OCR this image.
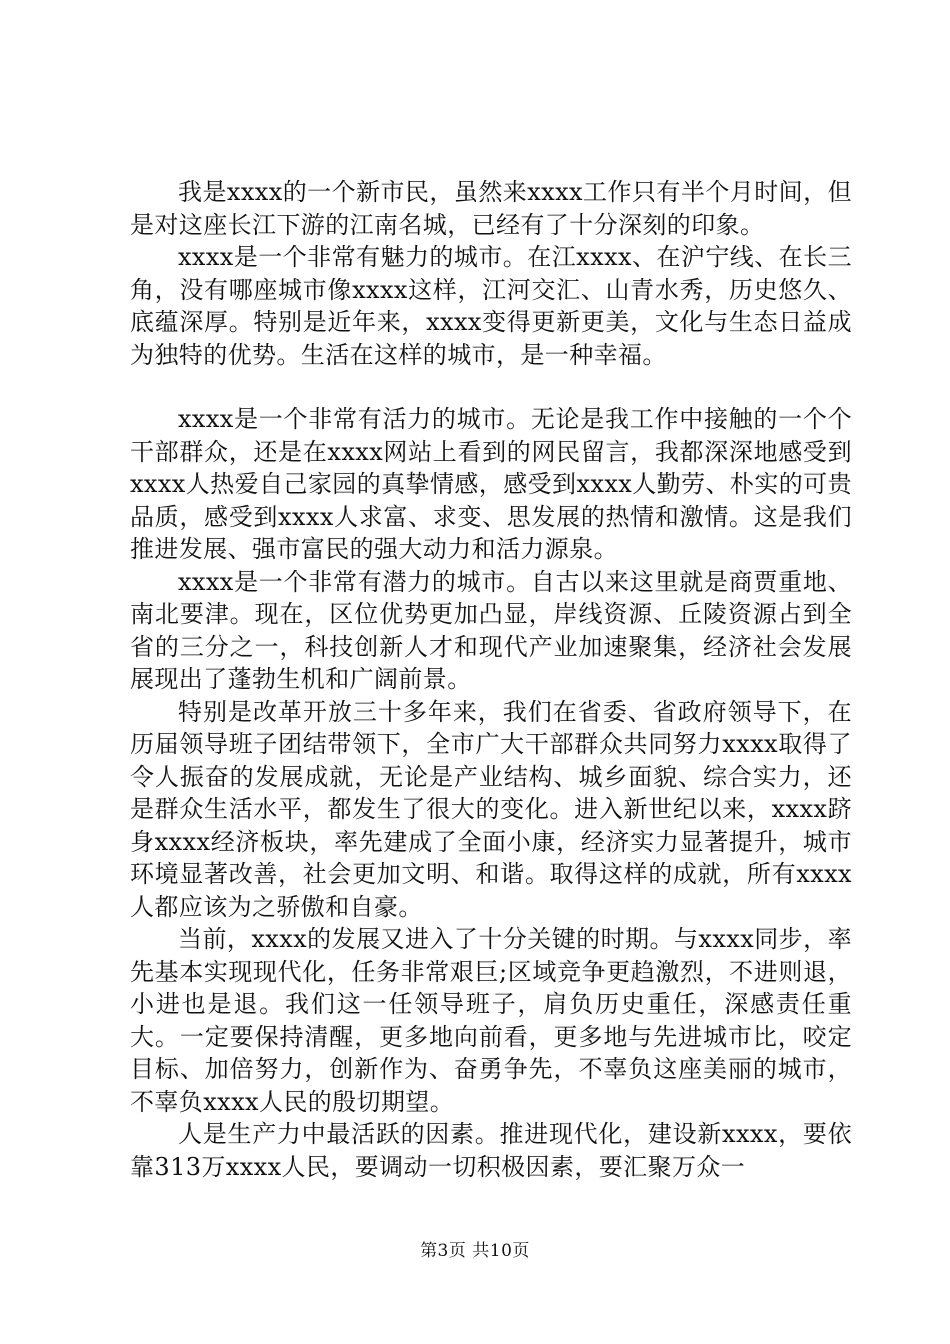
我是xxxx的一个新市民，虽然来xxxx工作只有半个月时间，但是对这座长江下游的江南名城，已经有了十分深刻的印象。

xxxx是一个非常有魅力的城市。在江xxxx、在沪宁线、在长三角，没有哪座城市像xxxx这样，江河交汇、山青水秀，历史悠久、底蕴深厚。特别是近年来，xxxx变得更新更美，文化与生态日益成为独特的优势。生活在这样的城市，是一种幸福。

xxxx是一个非常有活力的城市。无论是我工作中接触的一个个干部群众，还是在xxxx网站上看到的网民留言，我都深深地感受到xxxx人热爱自己家园的真挚情感，感受到xxxx人勤劳、朴实的可贵品质，感受到xxxx人求富、求变、思发展的热情和激情。这是我们推进发展、强市富民的强大动力和活力源泉。

xxxx是一个非常有潜力的城市。自古以来这里就是商贾重地、南北要津。现在，区位优势更加凸显，岸线资源、丘陵资源占到全省的三分之一，科技创新人才和现代产业加速聚集，经济社会发展展现出了蓬勃生机和广阔前景。

特别是改革开放三十多年来，我们在省委、省政府领导下，在历届领导班子团结带领下，全市广大干部群众共同努力xxxx取得了令人振奋的发展成就，无论是产业结构、城乡面貌、综合实力，还是群众生活水平，都发生了很大的变化。进入新世纪以来，xxxx跻身xxxx经济板块，率先建成了全面小康，经济实力显著提升，城市环境显著改善，社会更加文明、和谐。取得这样的成就，所有xxxx人都应该为之骄傲和自豪。

当前，xxxx的发展又进入了十分关键的时期。与xxxx同步，率先基本实现现代化，任务非常艰巨;区域竞争更趋激烈，不进则退，小进也是退。我们这一任领导班子，肩负历史重任，深感责任重大。一定要保持清醒，更多地向前看，更多地与先进城市比，咬定目标、加倍努力，创新作为、奋勇争先，不辜负这座美丽的城市，不辜负xxxx人民的殷切期望。

人是生产力中最活跃的因素。推进现代化，建设新xxxx，要依靠313万xxxx人民，要调动一切积极因素，要汇聚万众一

第3页 共10页
